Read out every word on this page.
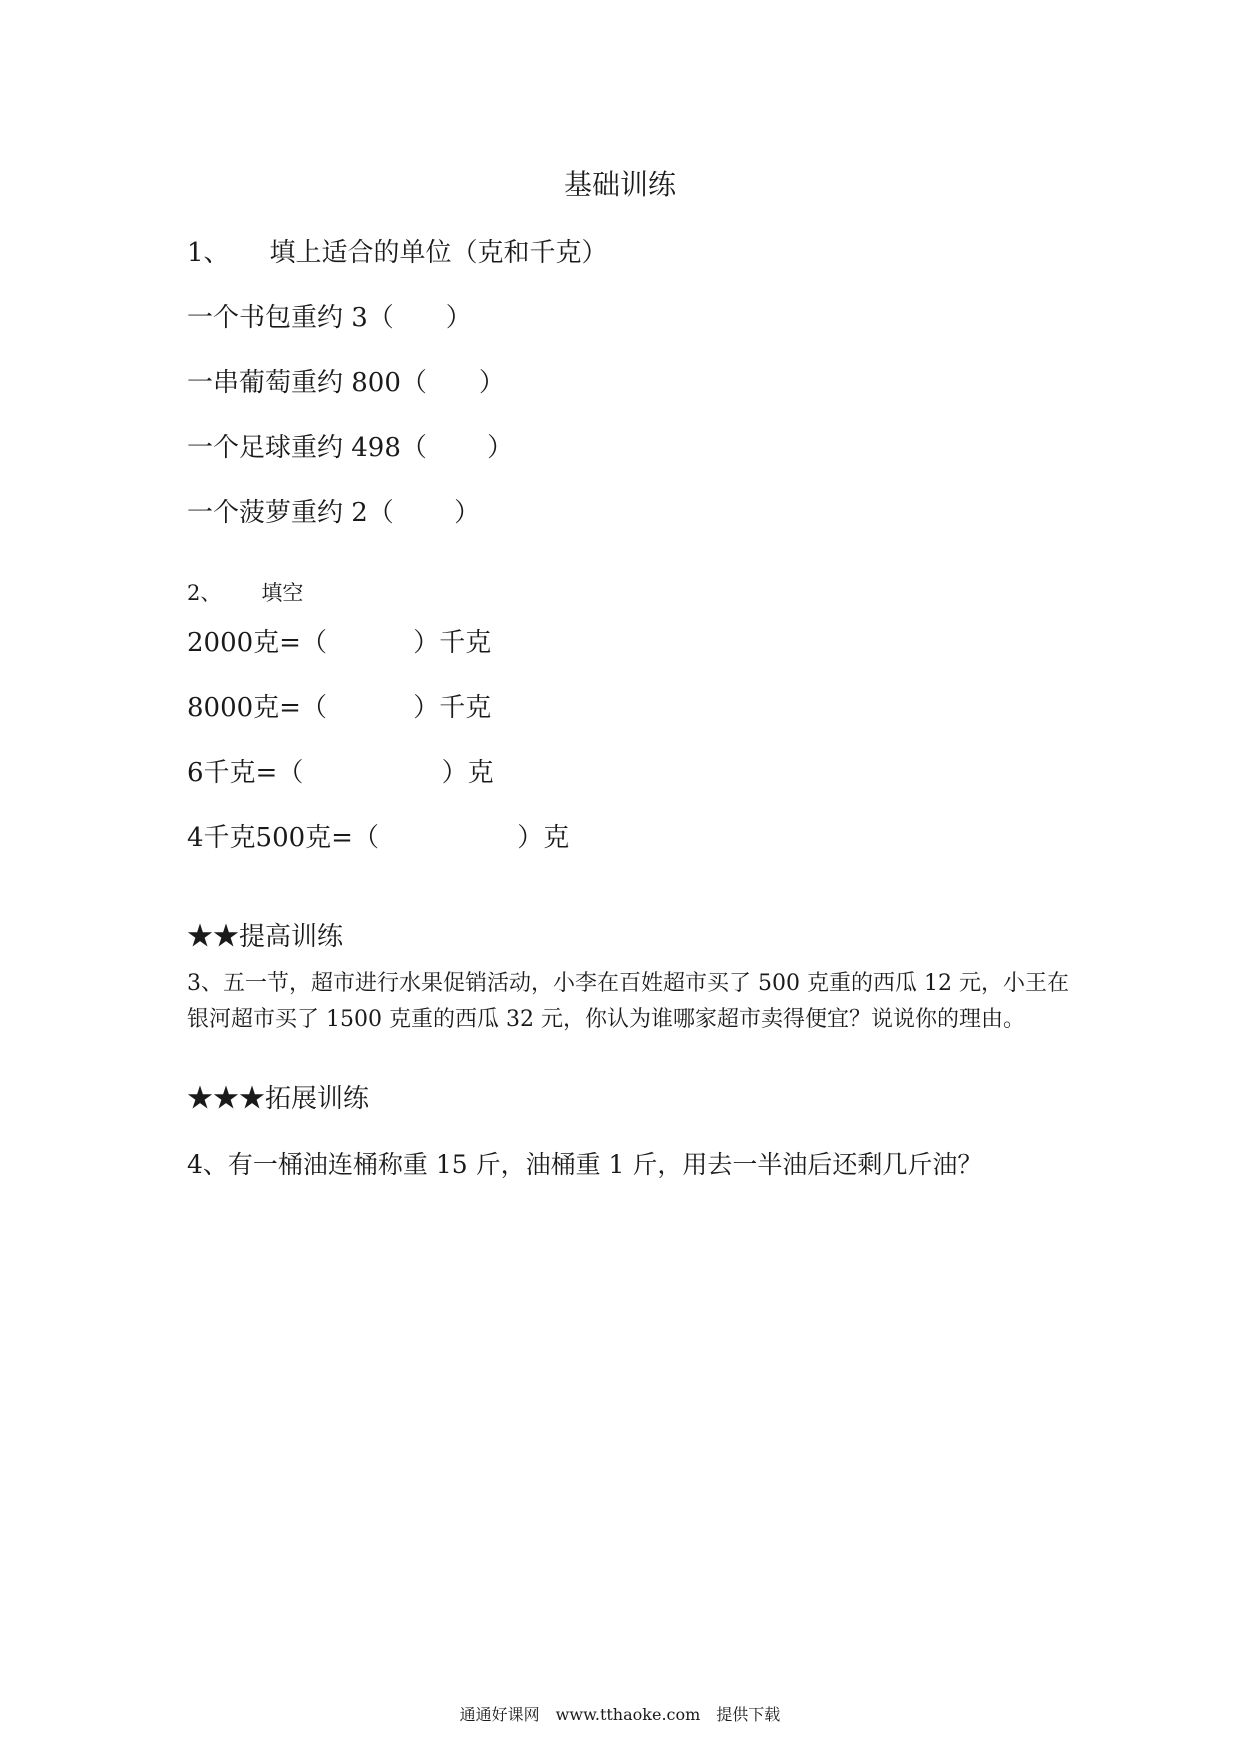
基础训练
1、 填上适合的单位（克和千克）
一个书包重约 3（　　）
一串葡萄重约 800（　　）
一个足球重约 498（　　 ）
一个菠萝重约 2（　　 ）
2、 填空
2000克=（　　　 ）千克
8000克=（　　　 ）千克
6千克=（　　　　　 ）克
4千克500克=（　　　　　 ）克
★★提高训练
3、五一节，超市进行水果促销活动，小李在百姓超市买了 500 克重的西瓜 12 元，小王在银河超市买了 1500 克重的西瓜 32 元，你认为谁哪家超市卖得便宜？说说你的理由。
★★★拓展训练
4、有一桶油连桶称重 15 斤，油桶重 1 斤，用去一半油后还剩几斤油？
通通好课网　www.tthaoke.com　提供下载
